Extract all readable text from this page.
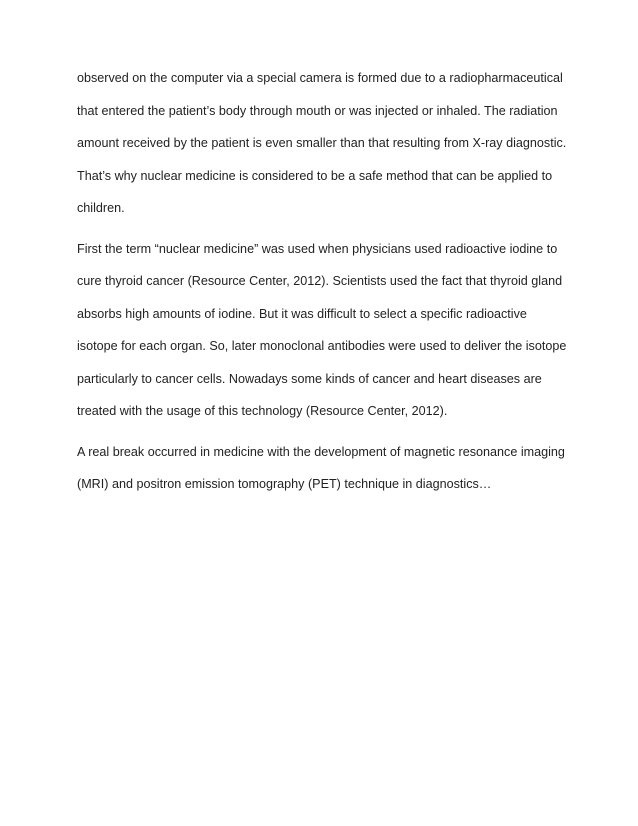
observed on the computer via a special camera is formed due to a radiopharmaceutical
that entered the patient’s body through mouth or was injected or inhaled. The radiation
amount received by the patient is even smaller than that resulting from X-ray diagnostic.
That’s why nuclear medicine is considered to be a safe method that can be applied to
children.

First the term “nuclear medicine” was used when physicians used radioactive iodine to
cure thyroid cancer (Resource Center, 2012). Scientists used the fact that thyroid gland
absorbs high amounts of iodine. But it was difficult to select a specific radioactive
isotope for each organ. So, later monoclonal antibodies were used to deliver the isotope
particularly to cancer cells. Nowadays some kinds of cancer and heart diseases are
treated with the usage of this technology (Resource Center, 2012).

A real break occurred in medicine with the development of magnetic resonance imaging
(MRI) and positron emission tomography (PET) technique in diagnostics…
